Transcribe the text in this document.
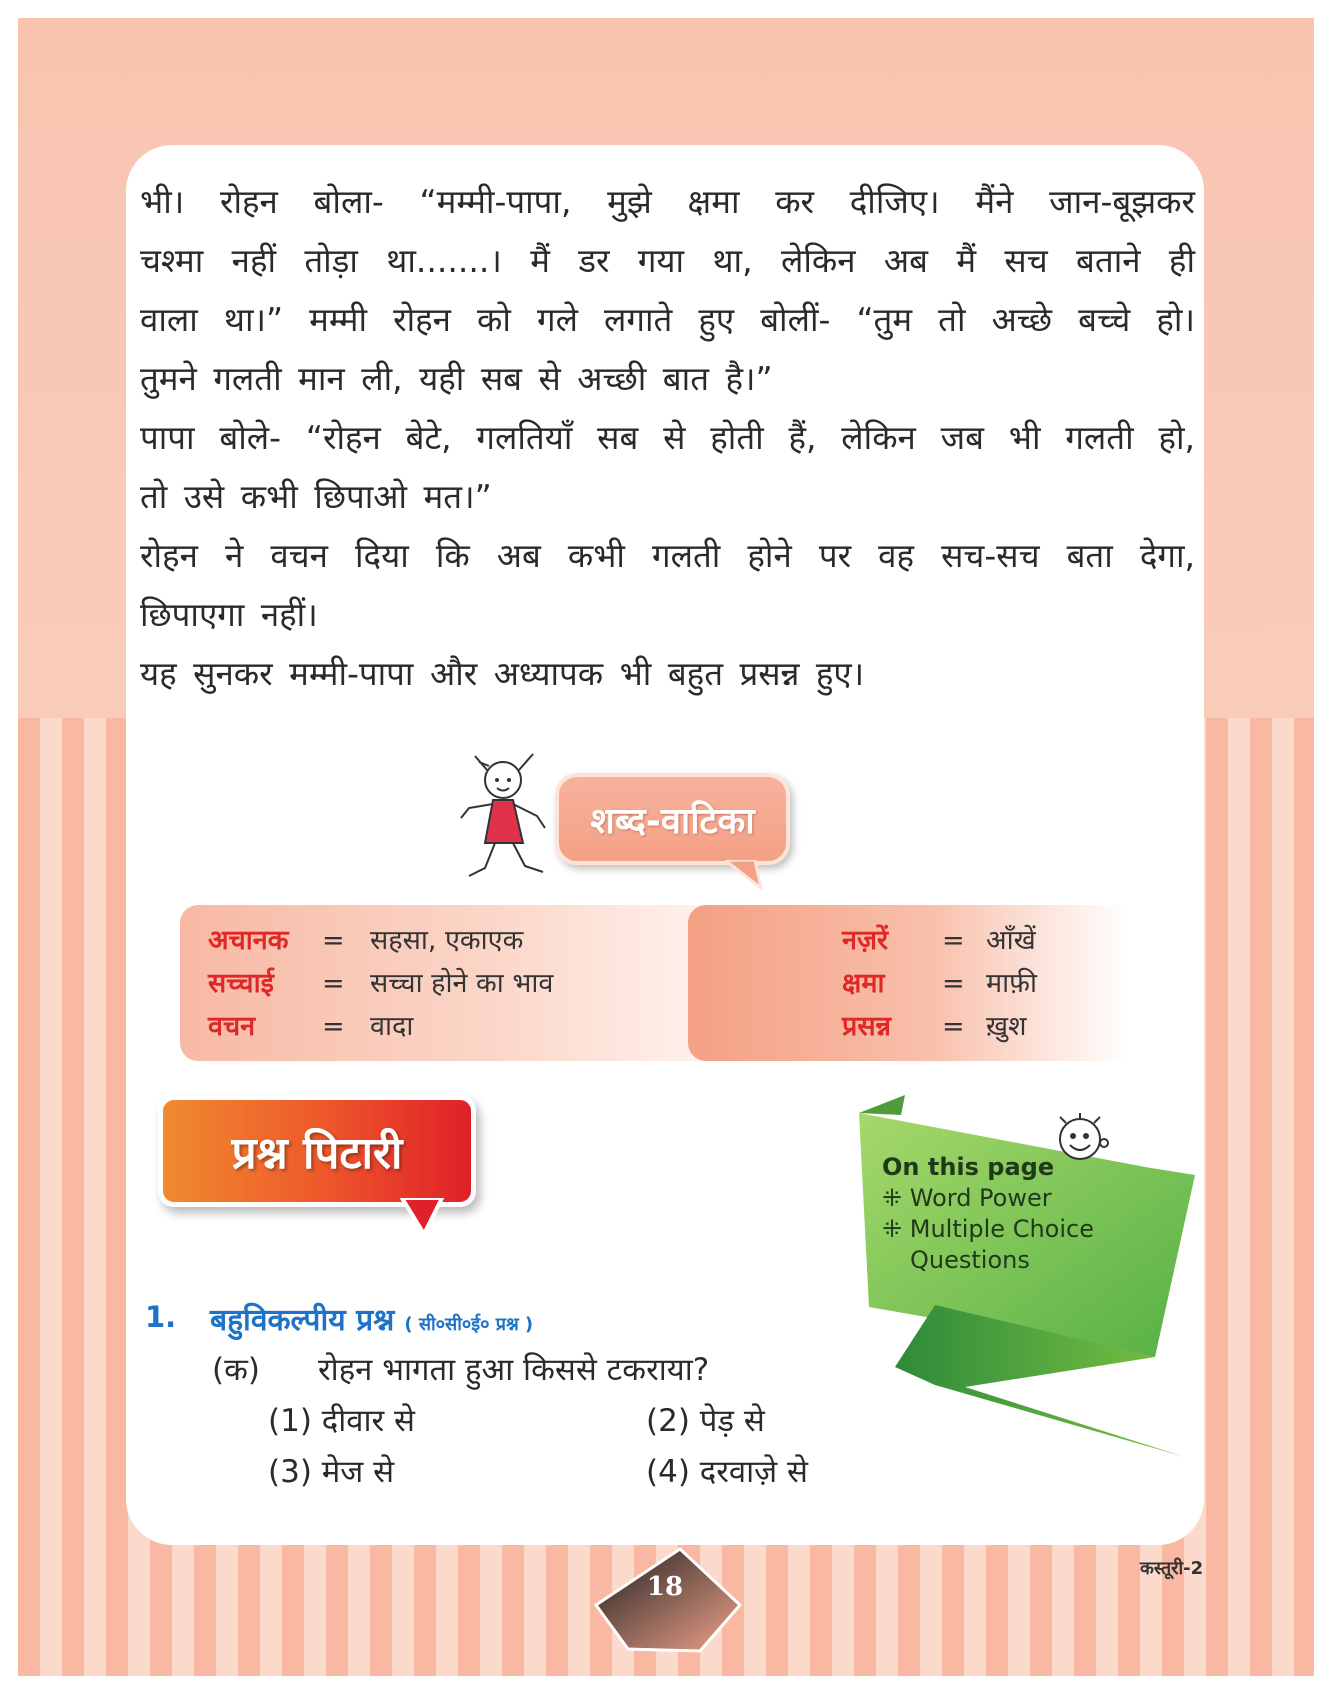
भी। रोहन बोला- “मम्मी-पापा, मुझे क्षमा कर दीजिए। मैंने जान-बूझकर
चश्मा नहीं तोड़ा था.......। मैं डर गया था, लेकिन अब मैं सच बताने ही
वाला था।” मम्मी रोहन को गले लगाते हुए बोलीं- “तुम तो अच्छे बच्चे हो।
तुमने गलती मान ली, यही सब से अच्छी बात है।”
पापा बोले- “रोहन बेटे, गलतियाँ सब से होती हैं, लेकिन जब भी गलती हो,
तो उसे कभी छिपाओ मत।”
रोहन ने वचन दिया कि अब कभी गलती होने पर वह सच-सच बता देगा,
छिपाएगा नहीं।
यह सुनकर मम्मी-पापा और अध्यापक भी बहुत प्रसन्न हुए।
शब्द-वाटिका
अचानक = सहसा, एकाएक
सच्चाई = सच्चा होने का भाव
वचन = वादा
नज़रें = आँखें
क्षमा = माफ़ी
प्रसन्न = ख़ुश
प्रश्न पिटारी	On this page
⁜ Word Power
⁜ Multiple Choice
Questions
1. बहुविकल्पीय प्रश्न ( सी०सी०ई० प्रश्न )
(क) रोहन भागता हुआ किससे टकराया?
(1) दीवार से	(2) पेड़ से
(3) मेज से	(4) दरवाज़े से
18
कस्तूरी-2
